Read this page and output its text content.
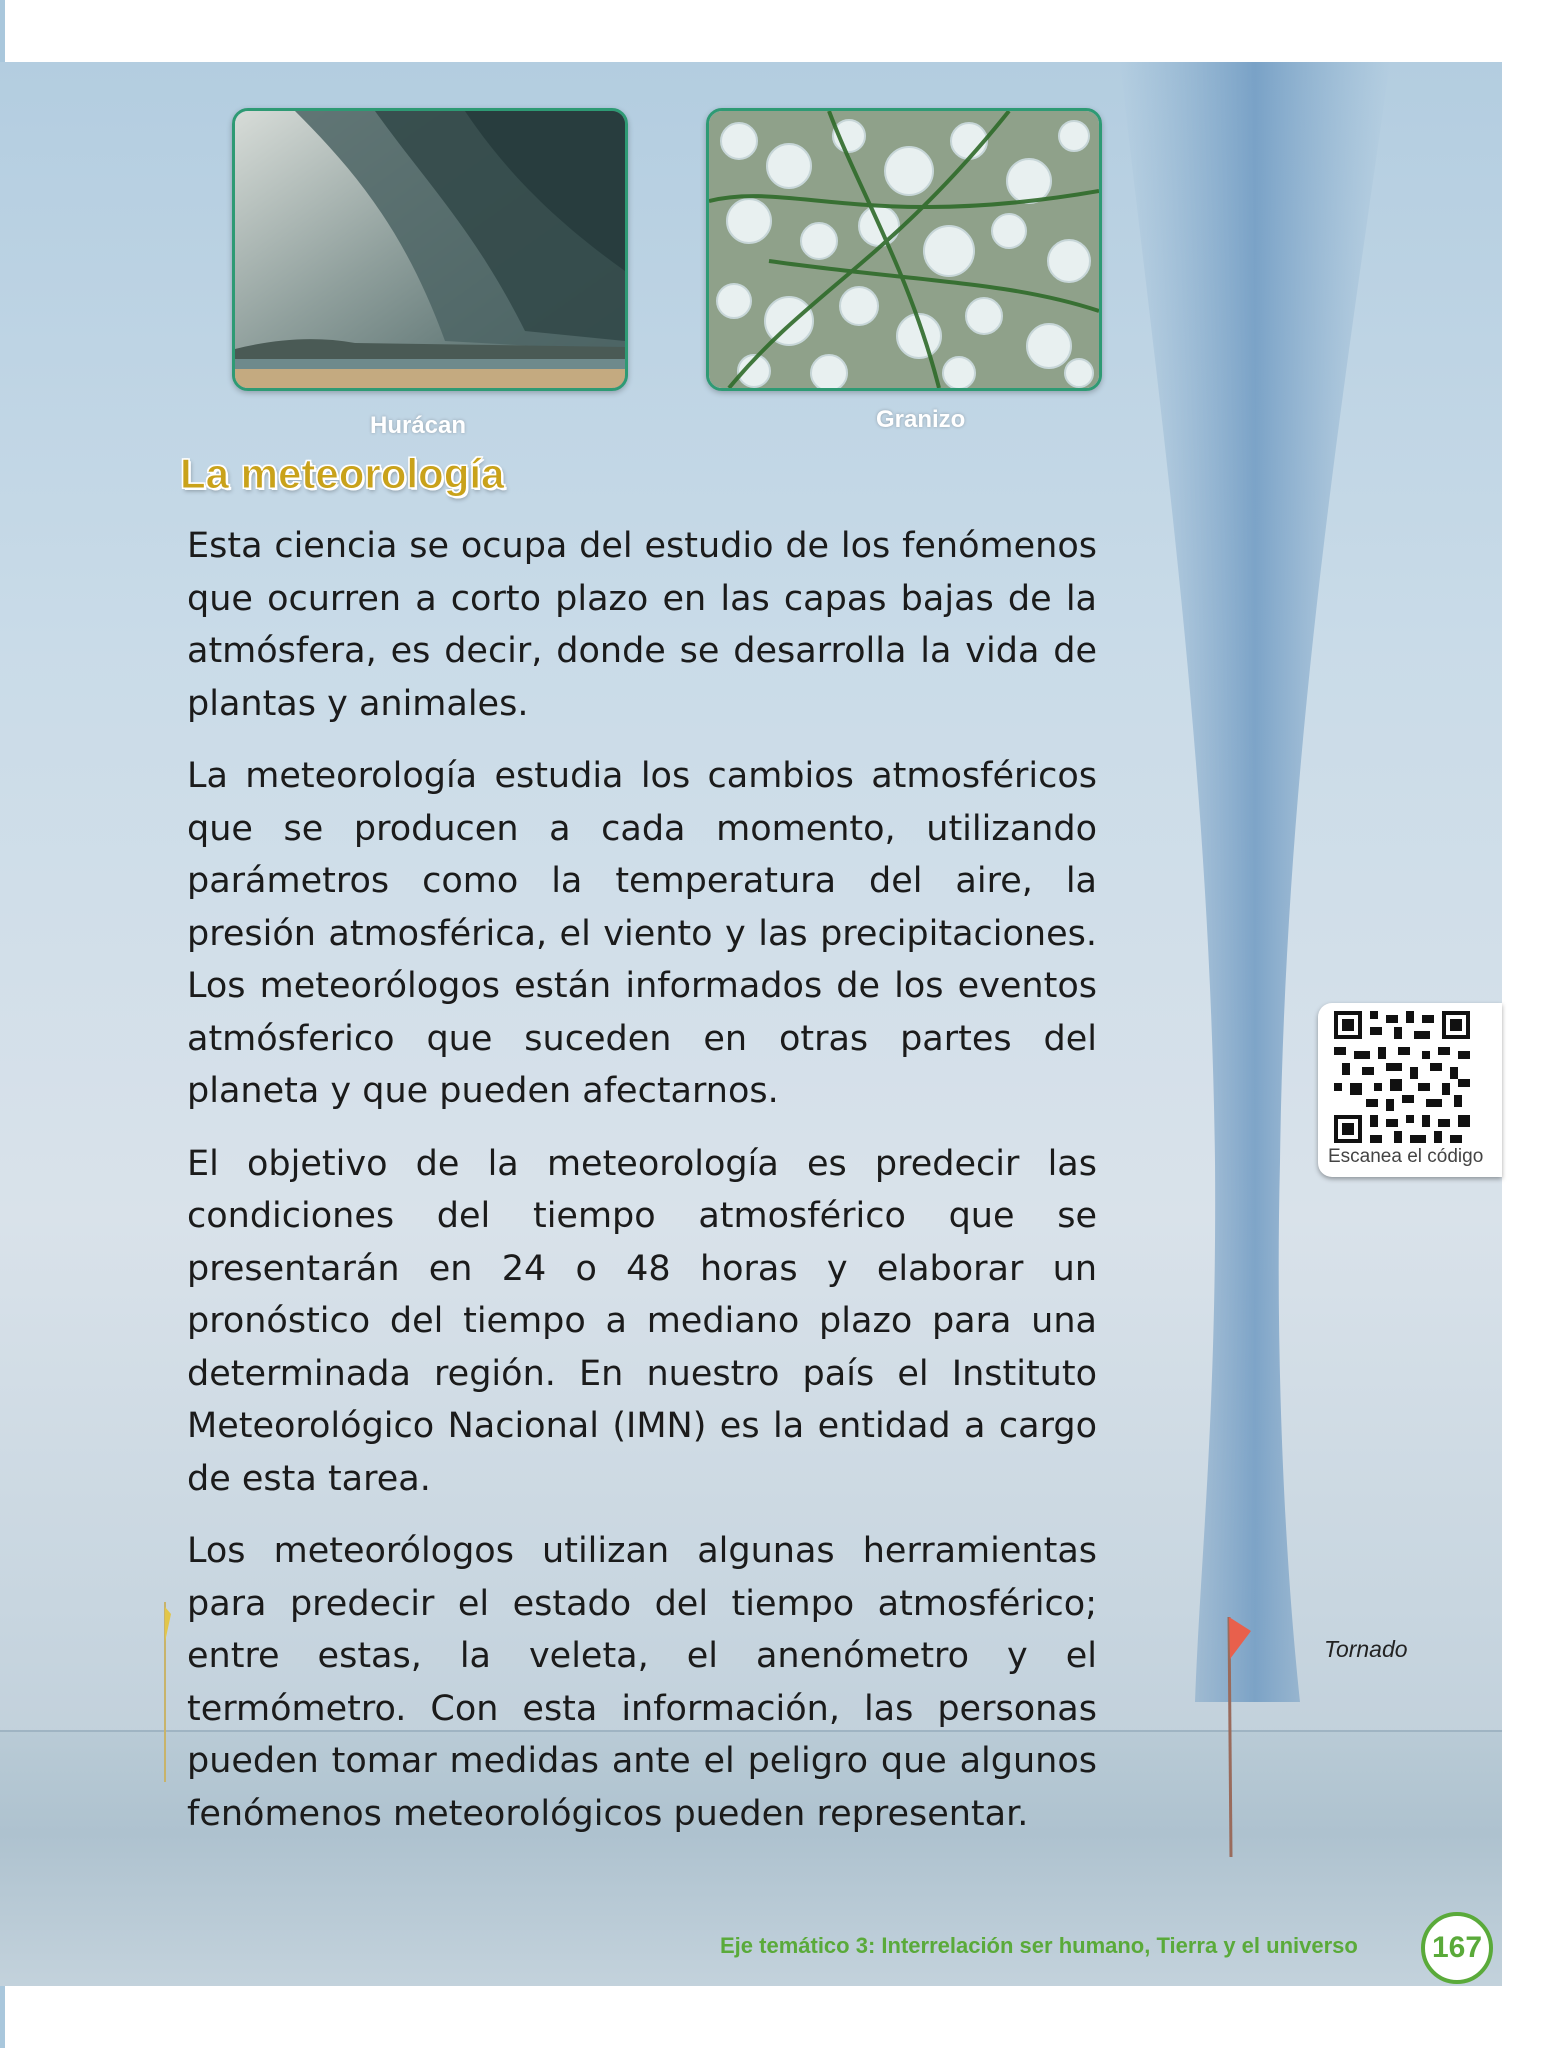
Hurácan	Granizo
La meteorología

Esta ciencia se ocupa del estudio de los fenómenos que ocurren a corto plazo en las capas bajas de la atmósfera, es decir, donde se desarrolla la vida de plantas y animales.

La meteorología estudia los cambios atmosféricos que se producen a cada momento, utilizando parámetros como la temperatura del aire, la presión atmosférica, el viento y las precipitaciones. Los meteorólogos están informados de los eventos atmósferico que suceden en otras partes del planeta y que pueden afectarnos.

El objetivo de la meteorología es predecir las condiciones del tiempo atmosférico que se presentarán en 24 o 48 horas y elaborar un pronóstico del tiempo a mediano plazo para una determinada región. En nuestro país el Instituto Meteorológico Nacional (IMN) es la entidad a cargo de esta tarea.

Los meteorólogos utilizan algunas herramientas para predecir el estado del tiempo atmosférico; entre estas, la veleta, el anenómetro y el termómetro. Con esta información, las personas pueden tomar medidas ante el peligro que algunos fenómenos meteorológicos pueden representar.

Escanea el código
Tornado
Eje temático 3: Interrelación ser humano, Tierra y el universo	167
